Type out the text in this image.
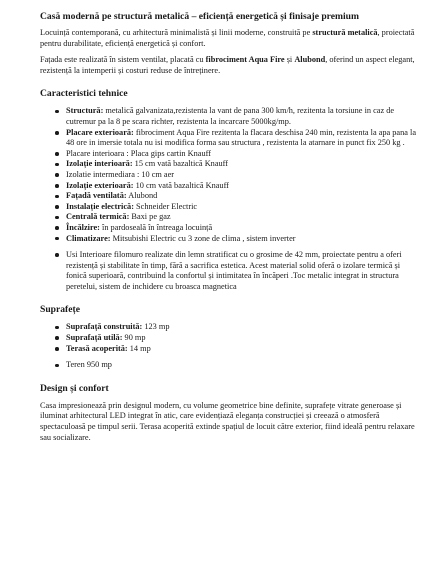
Casă modernă pe structură metalică – eficiență energetică și finisaje premium

Locuință contemporană, cu arhitectură minimalistă și linii moderne, construită pe structură metalică, proiectată pentru durabilitate, eficiență energetică și confort.

Fațada este realizată în sistem ventilat, placată cu fibrociment Aqua Fire și Alubond, oferind un aspect elegant, rezistență la intemperii și costuri reduse de întreținere.

Caracteristici tehnice
Structură: metalică galvanizata,rezistenta la vant de pana 300 km/h, rezitenta la torsiune in caz de cutremur pa la 8 pe scara richter, rezistenta la incarcare 5000kg/mp.
Placare exterioară: fibrociment Aqua Fire rezitenta la flacara deschisa 240 min, rezistenta la apa pana la 48 ore in imersie totala nu isi modifica forma sau structura , rezistenta la atarnare in punct fix 250 kg .
Placare interioara : Placa gips cartin Knauff
Izolație interioară: 15 cm vată bazaltică Knauff
Izolatie intermediara : 10 cm aer
Izolație exterioară: 10 cm vată bazaltică Knauff
Fațadă ventilată: Alubond
Instalație electrică: Schneider Electric
Centrală termică: Baxi pe gaz
Încălzire: în pardoseală în întreaga locuință
Climatizare: Mitsubishi Electric cu 3 zone de clima , sistem inverter
Usi Interioare filomuro realizate din lemn stratificat cu o grosime de 42 mm, proiectate pentru a oferi rezistență și stabilitate în timp, fără a sacrifica estetica. Acest material solid oferă o izolare termică și fonică superioară, contribuind la confortul și intimitatea în încăperi .Toc metalic integrat in structura peretelui, sistem de inchidere cu broasca magnetica
Suprafețe
Suprafață construită: 123 mp
Suprafață utilă: 90 mp
Terasă acoperită: 14 mp
Teren 950 mp
Design și confort

Casa impresionează prin designul modern, cu volume geometrice bine definite, suprafețe vitrate generoase și iluminat arhitectural LED integrat în atic, care evidențiază eleganța construcției și creează o atmosferă spectaculoasă pe timpul serii. Terasa acoperită extinde spațiul de locuit către exterior, fiind ideală pentru relaxare sau socializare.
